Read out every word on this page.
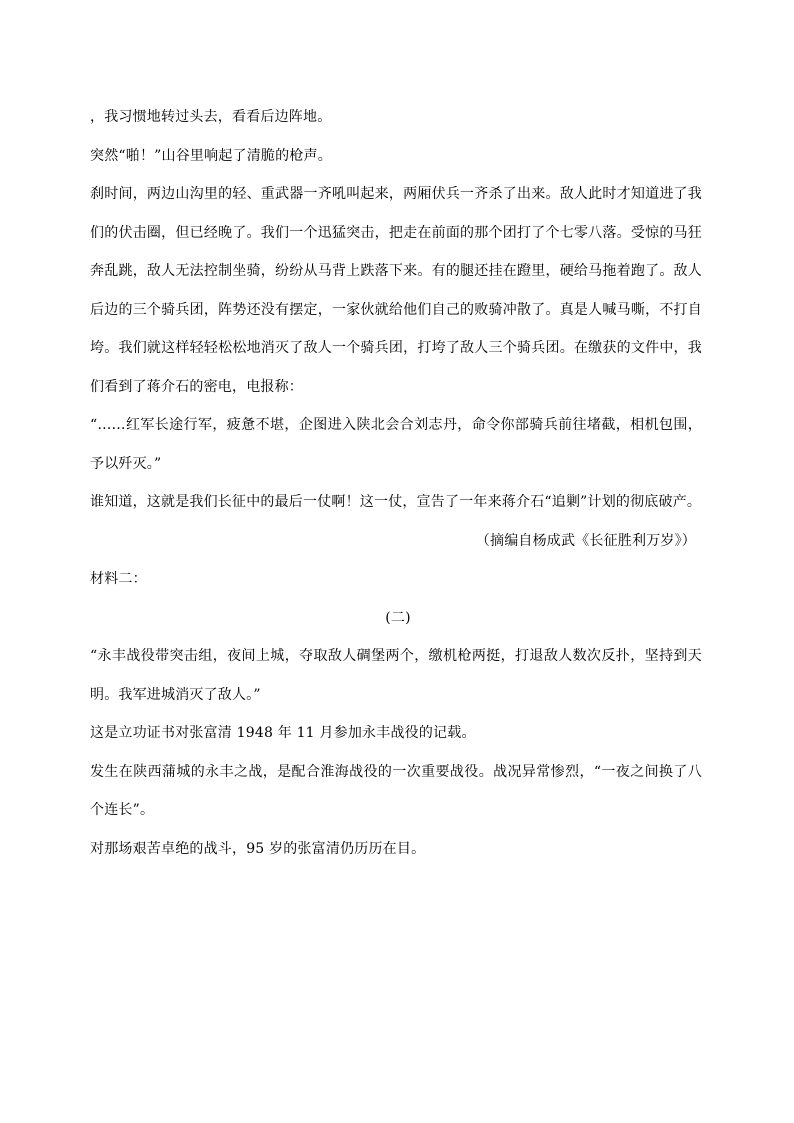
，我习惯地转过头去，看看后边阵地。

突然“啪！”山谷里响起了清脆的枪声。

刹时间，两边山沟里的轻、重武器一齐吼叫起来，两厢伏兵一齐杀了出来。敌人此时才知道进了我们的伏击圈，但已经晚了。我们一个迅猛突击，把走在前面的那个团打了个七零八落。受惊的马狂奔乱跳，敌人无法控制坐骑，纷纷从马背上跌落下来。有的腿还挂在蹬里，硬给马拖着跑了。敌人后边的三个骑兵团，阵势还没有摆定，一家伙就给他们自己的败骑冲散了。真是人喊马嘶，不打自垮。我们就这样轻轻松松地消灭了敌人一个骑兵团，打垮了敌人三个骑兵团。在缴获的文件中，我们看到了蒋介石的密电，电报称：

“……红军长途行军，疲惫不堪，企图进入陕北会合刘志丹，命令你部骑兵前往堵截，相机包围，予以歼灭。”

谁知道，这就是我们长征中的最后一仗啊！这一仗，宣告了一年来蒋介石“追剿”计划的彻底破产。

（摘编自杨成武《长征胜利万岁》）

材料二：

(二)

“永丰战役带突击组，夜间上城，夺取敌人碉堡两个，缴机枪两挺，打退敌人数次反扑，坚持到天明。我军进城消灭了敌人。”

这是立功证书对张富清 1948 年 11 月参加永丰战役的记载。

发生在陕西蒲城的永丰之战，是配合淮海战役的一次重要战役。战况异常惨烈，“一夜之间换了八个连长”。

对那场艰苦卓绝的战斗，95 岁的张富清仍历历在目。
